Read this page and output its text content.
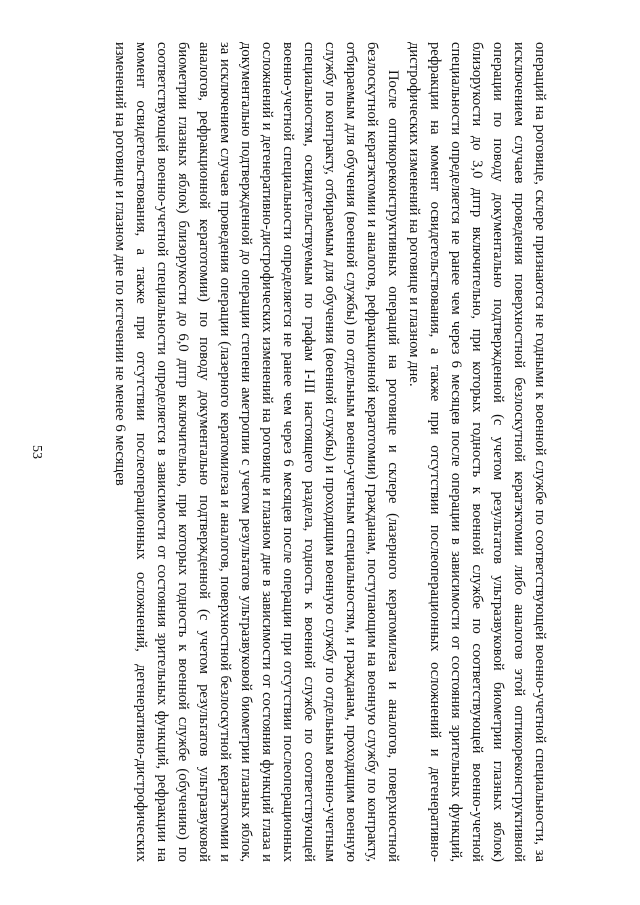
53	операций на роговице, склере признаются не годными к военной службе по соответствующей военно-учетной специальности, за исключением случаев проведения поверхностной безлоскутной кератэктомии либо аналогов этой оптикореконструктивной операции по поводу документально подтвержденной (с учетом результатов ультразвуковой биометрии глазных яблок) близорукости до 3,0 дптр включительно, при которых годность к военной службе по соответствующей военно-учетной специальности определяется не ранее чем через 6 месяцев после операции в зависимости от состояния зрительных функций, рефракции на момент освидетельствования, а также при отсутствии послеоперационных осложнений и дегенеративно-дистрофических изменений на роговице и глазном дне.

После оптикореконструктивных операций на роговице и склере (лазерного кератомилеза и аналогов, поверхностной безлоскутной кератэктомии и аналогов, рефракционной кератотомии) гражданам, поступающим на военную службу по контракту, отбираемым для обучения (военной службы) по отдельным военно-учетным специальностям, и гражданам, проходящим военную службу по контракту, отбираемым для обучения (военной службы) и проходящим военную службу по отдельным военно-учетным специальностям, освидетельствуемым по графам I-III настоящего раздела, годность к военной службе по соответствующей военно-учетной специальности определяется не ранее чем через 6 месяцев после операции при отсутствии послеоперационных осложнений и дегенеративно-дистрофических изменений на роговице и глазном дне в зависимости от состояния функций глаза и документально подтвержденной до операции степени аметропии с учетом результатов ультразвуковой биометрии глазных яблок, за исключением случаев проведения операции (лазерного кератомилеза и аналогов, поверхностной безлоскутной кератэктомии и аналогов, рефракционной кератотомии) по поводу документально подтвержденной (с учетом результатов ультразвуковой биометрии глазных яблок) близорукости до 6,0 дптр включительно, при которых годность к военной службе (обучению) по соответствующей военно-учетной специальности определяется в зависимости от состояния зрительных функций, рефракции на момент освидетельствования, а также при отсутствии послеоперационных осложнений, дегенеративно-дистрофических изменений на роговице и глазном дне по истечении не менее 6 месяцев
